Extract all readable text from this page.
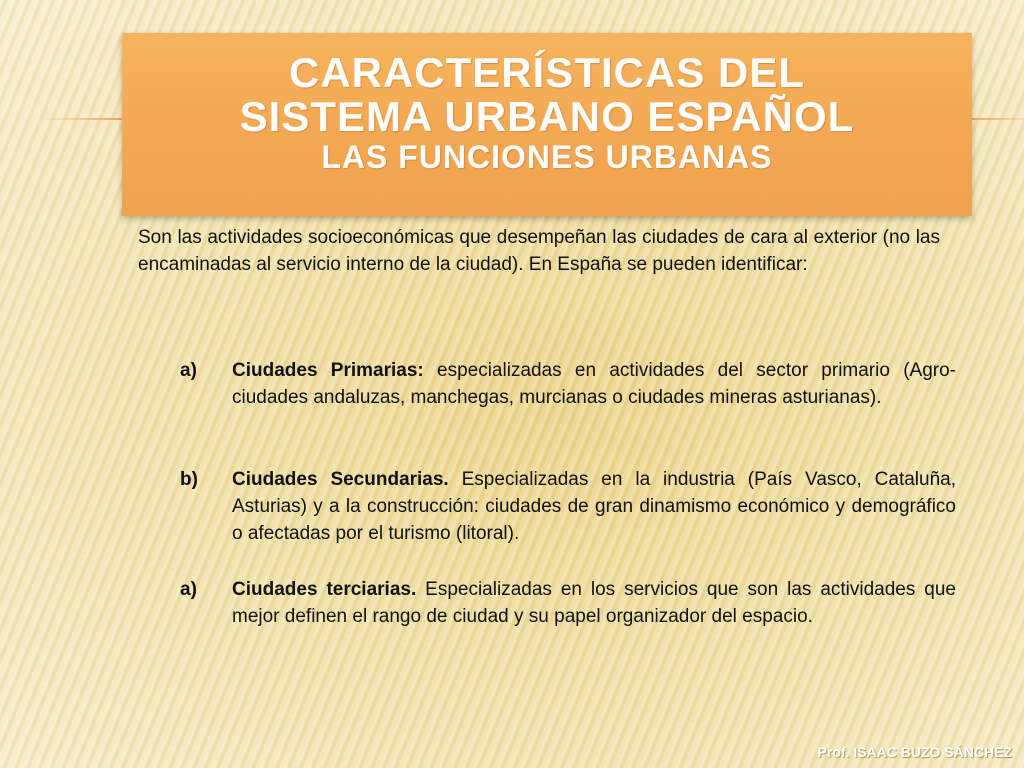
CARACTERÍSTICAS DEL
SISTEMA URBANO ESPAÑOL
LAS FUNCIONES URBANAS

Son las actividades socioeconómicas que desempeñan las ciudades de cara al exterior (no las encaminadas al servicio interno de la ciudad). En España se pueden identificar:

a) Ciudades Primarias: especializadas en actividades del sector primario (Agro-ciudades andaluzas, manchegas, murcianas o ciudades mineras asturianas).
b) Ciudades Secundarias. Especializadas en la industria (País Vasco, Cataluña, Asturias) y a la construcción: ciudades de gran dinamismo económico y demográfico o afectadas por el turismo (litoral).
a) Ciudades terciarias. Especializadas en los servicios que son las actividades que mejor definen el rango de ciudad y su papel organizador del espacio.
Prof. ISAAC BUZO SÁNCHEZ
